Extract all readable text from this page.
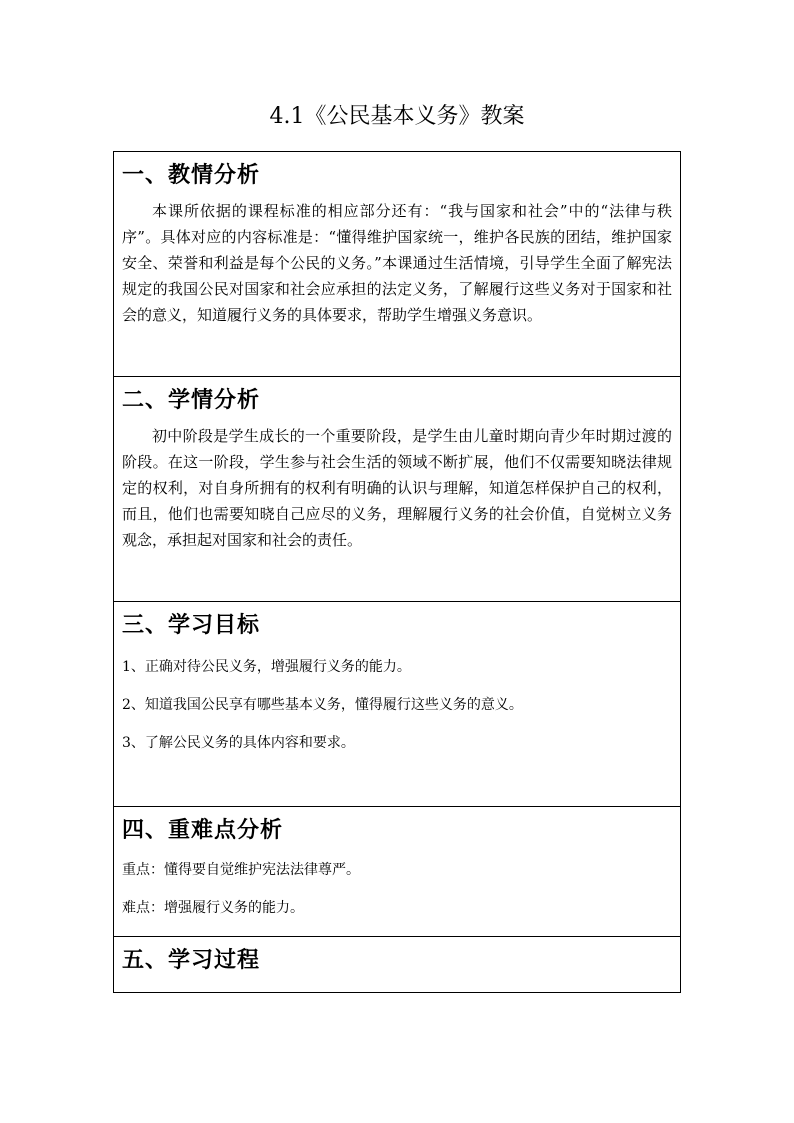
4.1《公民基本义务》教案
一、教情分析

本课所依据的课程标准的相应部分还有：“我与国家和社会”中的“法律与秩序”。具体对应的内容标准是：“懂得维护国家统一，维护各民族的团结，维护国家安全、荣誉和利益是每个公民的义务。”本课通过生活情境，引导学生全面了解宪法规定的我国公民对国家和社会应承担的法定义务，了解履行这些义务对于国家和社会的意义，知道履行义务的具体要求，帮助学生增强义务意识。

二、学情分析

初中阶段是学生成长的一个重要阶段，是学生由儿童时期向青少年时期过渡的阶段。在这一阶段，学生参与社会生活的领域不断扩展，他们不仅需要知晓法律规定的权利，对自身所拥有的权利有明确的认识与理解，知道怎样保护自己的权利，而且，他们也需要知晓自己应尽的义务，理解履行义务的社会价值，自觉树立义务观念，承担起对国家和社会的责任。

三、学习目标

1、正确对待公民义务，增强履行义务的能力。

2、知道我国公民享有哪些基本义务，懂得履行这些义务的意义。

3、了解公民义务的具体内容和要求。

四、重难点分析

重点：懂得要自觉维护宪法法律尊严。

难点：增强履行义务的能力。

五、学习过程
